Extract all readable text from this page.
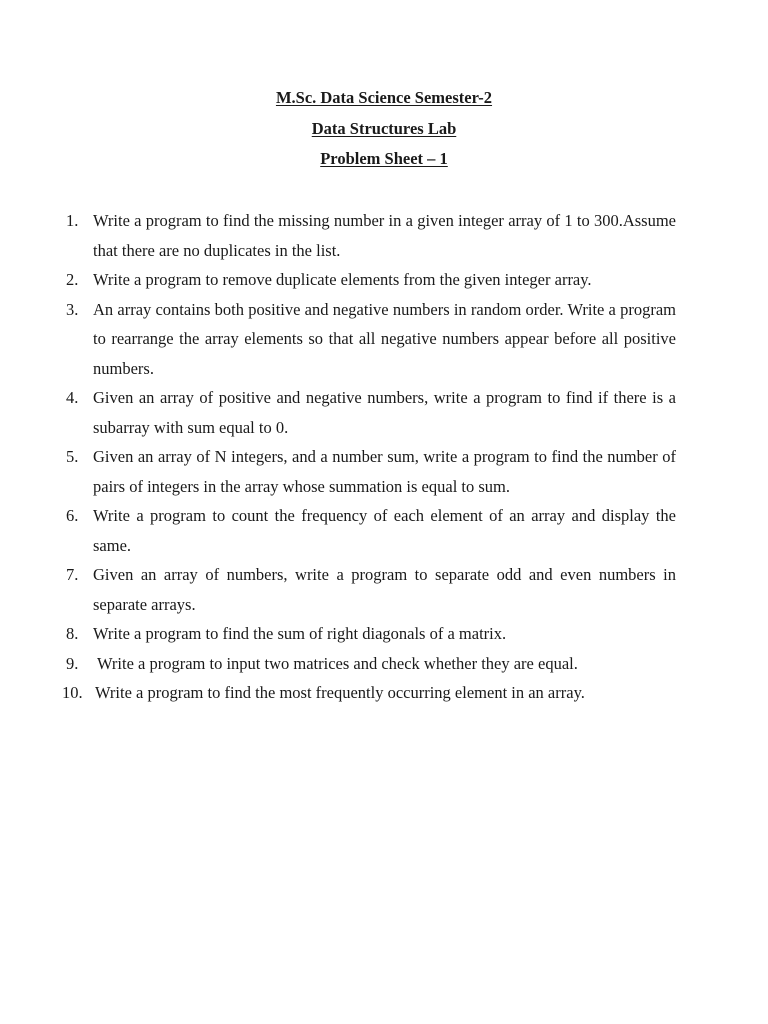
M.Sc. Data Science Semester-2
Data Structures Lab
Problem Sheet – 1
1. Write a program to find the missing number in a given integer array of 1 to 300.Assume that there are no duplicates in the list.
2. Write a program to remove duplicate elements from the given integer array.
3. An array contains both positive and negative numbers in random order. Write a program to rearrange the array elements so that all negative numbers appear before all positive numbers.
4. Given an array of positive and negative numbers, write a program to find if there is a subarray with sum equal to 0.
5. Given an array of N integers, and a number sum, write a program to find the number of pairs of integers in the array whose summation is equal to sum.
6. Write a program to count the frequency of each element of an array and display the same.
7. Given an array of numbers, write a program to separate odd and even numbers in separate arrays.
8. Write a program to find the sum of right diagonals of a matrix.
9. Write a program to input two matrices and check whether they are equal.
10. Write a program to find the most frequently occurring element in an array.
